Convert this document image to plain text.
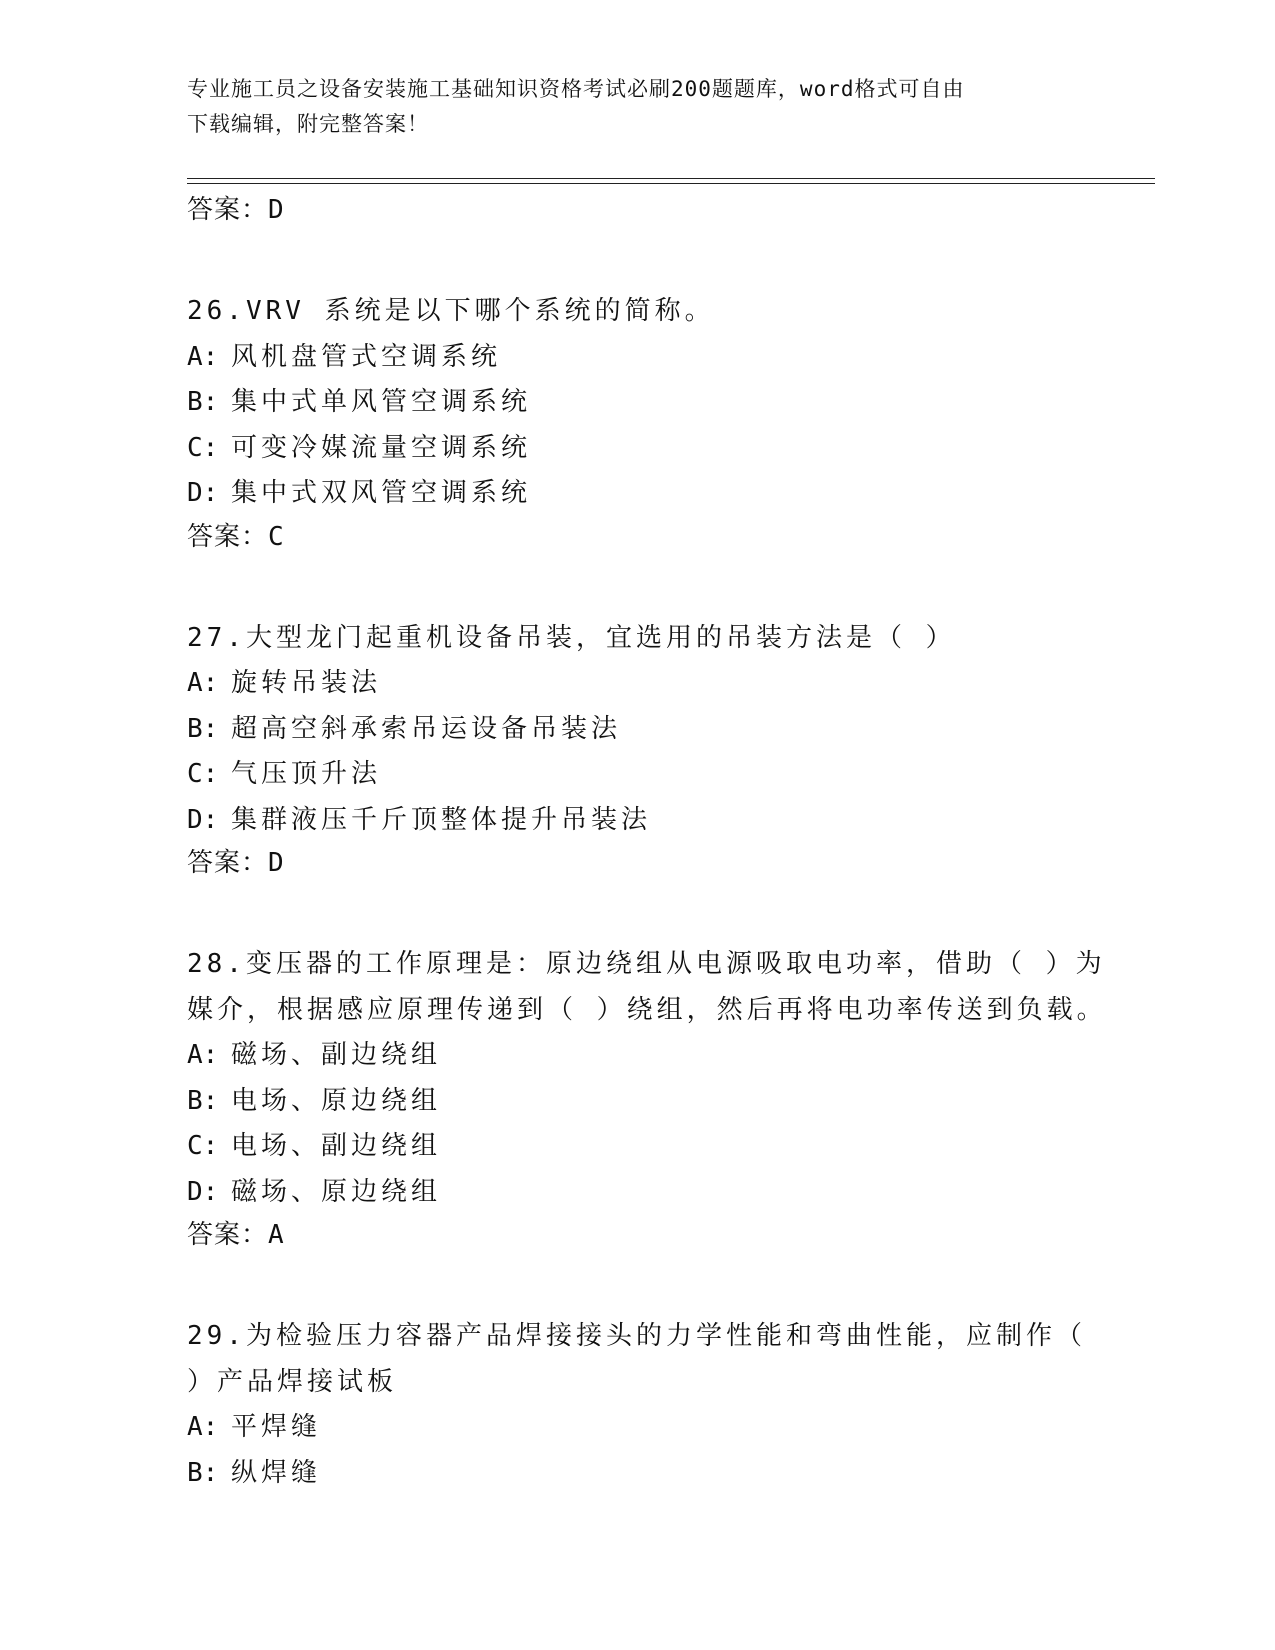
专业施工员之设备安装施工基础知识资格考试必刷200题题库，word格式可自由
下载编辑，附完整答案！
答案：D
26.VRV 系统是以下哪个系统的简称。
A: 风机盘管式空调系统
B: 集中式单风管空调系统
C: 可变冷媒流量空调系统
D: 集中式双风管空调系统
答案：C
27.大型龙门起重机设备吊装，宜选用的吊装方法是（ ）
A: 旋转吊装法
B: 超高空斜承索吊运设备吊装法
C: 气压顶升法
D: 集群液压千斤顶整体提升吊装法
答案：D
28.变压器的工作原理是：原边绕组从电源吸取电功率，借助（ ）为
媒介，根据感应原理传递到（ ）绕组，然后再将电功率传送到负载。
A: 磁场、副边绕组
B: 电场、原边绕组
C: 电场、副边绕组
D: 磁场、原边绕组
答案：A
29.为检验压力容器产品焊接接头的力学性能和弯曲性能，应制作（
）产品焊接试板
A: 平焊缝
B: 纵焊缝
